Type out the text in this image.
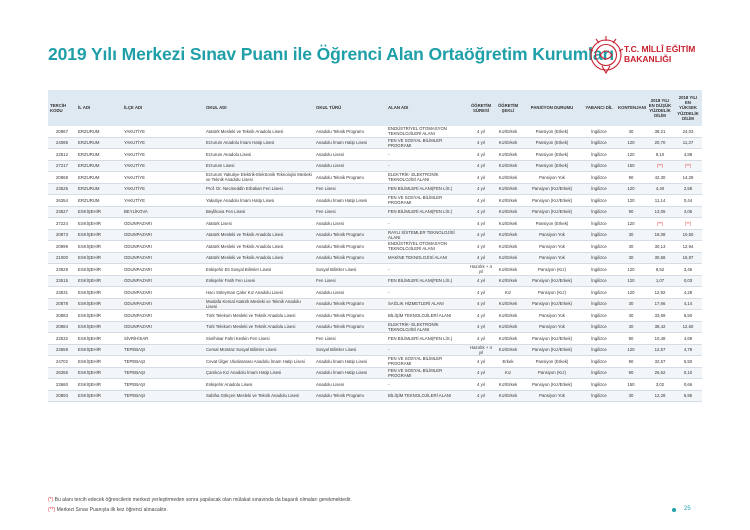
2019 Yılı Merkezi Sınav Puanı ile Öğrenci Alan Ortaöğretim Kurumları T.C. MİLLÎ EĞİTİM
BAKANLIĞI
TERCİH KODU	İL ADI	İLÇE ADI	OKUL ADI	OKUL TÜRÜ	ALAN ADI	ÖĞRETİM SÜRESİ	ÖĞRETİM ŞEKLİ	PANSİYON DURUMU	YABANCI DİL	KONTENJANI	2018 YILI EN DÜŞÜK YÜZDELİK DİLİM	2018 YILI EN YÜKSEK YÜZDELİK DİLİM
20867	ERZURUM	YAKUTİYE	Atatürk Mesleki ve Teknik Anadolu Lisesi	Anadolu Teknik Programı	ENDÜSTRİYEL OTOMASYON TEKNOLOJİLERİ ALANI	4 yıl	Kız/Erkek	Pansiyon (Erkek)	İngilizce	30	38,21	24,03
24085	ERZURUM	YAKUTİYE	Erzurum Anadolu İmam Hatip Lisesi	Anadolu İmam Hatip Lisesi	FEN VE SOSYAL BİLİMLER PROGRAMI	4 yıl	Kız/Erkek	Pansiyon (Erkek)	İngilizce	120	20,70	11,37
22512	ERZURUM	YAKUTİYE	Erzurum Anadolu Lisesi	Anadolu Lisesi	-	4 yıl	Kız/Erkek	Pansiyon (Erkek)	İngilizce	120	9,10	4,88
27217	ERZURUM	YAKUTİYE	Erzurum Lisesi	Anadolu Lisesi	-	4 yıl	Kız/Erkek	Pansiyon (Erkek)	İngilizce	150	(**)	(**)
20868	ERZURUM	YAKUTİYE	Erzurum Yakutiye Elektrik-Elektronik Teknolojisi Mesleki ve Teknik Anadolu Lisesi	Anadolu Teknik Programı	ELEKTRİK- ELEKTRONİK TEKNOLOJİSİ ALANI	4 yıl	Kız/Erkek	Pansiyon Yok	İngilizce	90	42,30	14,29
23525	ERZURUM	YAKUTİYE	Prof. Dr. Necmeddin Erbakan Fen Lisesi	Fen Lisesi	FEN BİLİMLERİ ALANI(FEN LİS.)	4 yıl	Kız/Erkek	Pansiyon (Kız/Erkek)	İngilizce	120	4,40	2,58
26354	ERZURUM	YAKUTİYE	Yakutiye Anadolu İmam Hatip Lisesi	Anadolu İmam Hatip Lisesi	FEN VE SOSYAL BİLİMLER PROGRAMI	4 yıl	Kız/Erkek	Pansiyon (Kız/Erkek)	İngilizce	120	11,14	0,44
23527	ESKİŞEHİR	BEYLİKOVA	Beylikova Fen Lisesi	Fen Lisesi	FEN BİLİMLERİ ALANI(FEN LİS.)	4 yıl	Kız/Erkek	Pansiyon (Kız/Erkek)	İngilizce	90	13,06	4,05
27224	ESKİŞEHİR	ODUNPAZARI	Atatürk Lisesi	Anadolu Lisesi	-	4 yıl	Kız/Erkek	Pansiyon (Erkek)	İngilizce	120	(**)	(**)
20873	ESKİŞEHİR	ODUNPAZARI	Atatürk Mesleki ve Teknik Anadolu Lisesi	Anadolu Teknik Programı	RAYLI SİSTEMLER TEKNOLOJİSİ ALANI	4 yıl	Kız/Erkek	Pansiyon Yok	İngilizce	30	18,08	10,50
20999	ESKİŞEHİR	ODUNPAZARI	Atatürk Mesleki ve Teknik Anadolu Lisesi	Anadolu Teknik Programı	ENDÜSTRİYEL OTOMASYON TEKNOLOJİLERİ ALANI	4 yıl	Kız/Erkek	Pansiyon Yok	İngilizce	30	30,13	12,94
21000	ESKİŞEHİR	ODUNPAZARI	Atatürk Mesleki ve Teknik Anadolu Lisesi	Anadolu Teknik Programı	MAKİNE TEKNOLOJİSİ ALANI	4 yıl	Kız/Erkek	Pansiyon Yok	İngilizce	30	30,58	16,87
23929	ESKİŞEHİR	ODUNPAZARI	Eskişehir Eti Sosyal Bilimler Lisesi	Sosyal Bilimler Lisesi	-	Hazırlık + 4 yıl	Kız/Erkek	Pansiyon (Kız)	İngilizce	120	8,52	3,45
23515	ESKİŞEHİR	ODUNPAZARI	Eskişehir Fatih Fen Lisesi	Fen Lisesi	FEN BİLİMLERİ ALANI(FEN LİS.)	4 yıl	Kız/Erkek	Pansiyon (Kız/Erkek)	İngilizce	120	1,07	0,03
23531	ESKİŞEHİR	ODUNPAZARI	Hacı Süleyman Çakır Kız Anadolu Lisesi	Anadolu Lisesi	-	4 yıl	Kız	Pansiyon (Kız)	İngilizce	120	12,92	4,28
20878	ESKİŞEHİR	ODUNPAZARI	Mustafa Kemal Atatürk Mesleki ve Teknik Anadolu Lisesi	Anadolu Teknik Programı	SAĞLIK HİZMETLERİ ALANI	4 yıl	Kız/Erkek	Pansiyon (Kız/Erkek)	İngilizce	30	17,66	4,14
20883	ESKİŞEHİR	ODUNPAZARI	Türk Telekom Mesleki ve Teknik Anadolu Lisesi	Anadolu Teknik Programı	BİLİŞİM TEKNOLOJİLERİ ALANI	4 yıl	Kız/Erkek	Pansiyon Yok	İngilizce	30	33,69	8,50
20884	ESKİŞEHİR	ODUNPAZARI	Türk Telekom Mesleki ve Teknik Anadolu Lisesi	Anadolu Teknik Programı	ELEKTRİK- ELEKTRONİK TEKNOLOJİSİ ALANI	4 yıl	Kız/Erkek	Pansiyon Yok	İngilizce	30	38,42	12,60
22532	ESKİŞEHİR	SİVRİHİSAR	Sivrihisar Fahri Keskin Fen Lisesi	Fen Lisesi	FEN BİLİMLERİ ALANI(FEN LİS.)	4 yıl	Kız/Erkek	Pansiyon (Kız/Erkek)	İngilizce	90	10,48	4,69
23659	ESKİŞEHİR	TEPEBAŞI	Cemal Mümtaz Sosyal Bilimler Lisesi	Sosyal Bilimler Lisesi	-	Hazırlık + 4 yıl	Kız/Erkek	Pansiyon (Kız/Erkek)	İngilizce	120	12,57	4,78
24702	ESKİŞEHİR	TEPEBAŞI	Cevat Ülger Uluslararası Anadolu İmam Hatip Lisesi	Anadolu İmam Hatip Lisesi	FEN VE SOSYAL BİLİMLER PROGRAMI	4 yıl	Erkek	Pansiyon (Erkek)	İngilizce	90	32,57	5,50
26355	ESKİŞEHİR	TEPEBAŞI	Çamlıca Kız Anadolu İmam Hatip Lisesi	Anadolu İmam Hatip Lisesi	FEN VE SOSYAL BİLİMLER PROGRAMI	4 yıl	Kız	Pansiyon (Kız)	İngilizce	90	26,62	0,10
23660	ESKİŞEHİR	TEPEBAŞI	Eskişehir Anadolu Lisesi	Anadolu Lisesi	-	4 yıl	Kız/Erkek	Pansiyon (Kız/Erkek)	İngilizce	150	3,02	0,66
20893	ESKİŞEHİR	TEPEBAŞI	Sabiha Gökçen Mesleki ve Teknik Anadolu Lisesi	Anadolu Teknik Programı	BİLİŞİM TEKNOLOJİLERİ ALANI	4 yıl	Kız/Erkek	Pansiyon Yok	İngilizce	30	12,28	5,95
(*) Bu alanı tercih edecek öğrencilerin merkezi yerleştirmeden sonra yapılacak olan mülakat sınavında da başarılı olmaları gerekmektedir.
(**) Merkezi Sınav Puanıyla ilk kez öğrenci alınacaktır.	25
